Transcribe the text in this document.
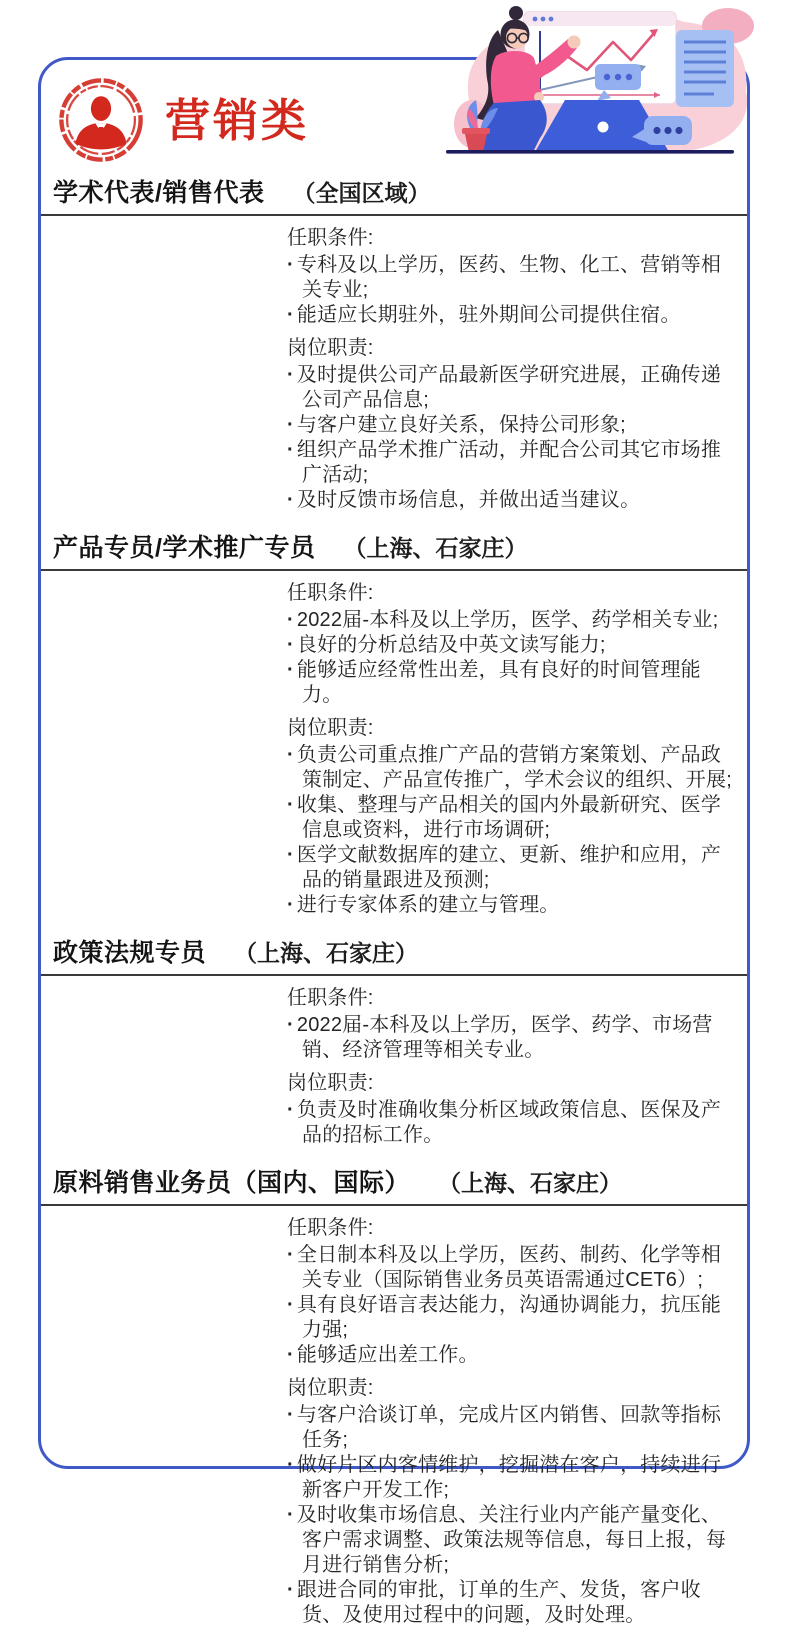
营销类
学术代表/销售代表 （全国区域）
任职条件:
· 专科及以上学历，医药、生物、化工、营销等相关专业;
· 能适应长期驻外，驻外期间公司提供住宿。
岗位职责:
· 及时提供公司产品最新医学研究进展，正确传递公司产品信息;
· 与客户建立良好关系，保持公司形象;
· 组织产品学术推广活动，并配合公司其它市场推广活动;
· 及时反馈市场信息，并做出适当建议。
产品专员/学术推广专员 （上海、石家庄）
任职条件:
· 2022届-本科及以上学历，医学、药学相关专业;
· 良好的分析总结及中英文读写能力;
· 能够适应经常性出差，具有良好的时间管理能力。
岗位职责:
· 负责公司重点推广产品的营销方案策划、产品政策制定、产品宣传推广，学术会议的组织、开展;
· 收集、整理与产品相关的国内外最新研究、医学信息或资料，进行市场调研;
· 医学文献数据库的建立、更新、维护和应用，产品的销量跟进及预测;
· 进行专家体系的建立与管理。
政策法规专员 （上海、石家庄）
任职条件:
· 2022届-本科及以上学历，医学、药学、市场营销、经济管理等相关专业。
岗位职责:
· 负责及时准确收集分析区域政策信息、医保及产品的招标工作。
原料销售业务员（国内、国际） （上海、石家庄）
任职条件:
· 全日制本科及以上学历，医药、制药、化学等相关专业（国际销售业务员英语需通过CET6）;
· 具有良好语言表达能力，沟通协调能力，抗压能力强;
· 能够适应出差工作。
岗位职责:
· 与客户洽谈订单，完成片区内销售、回款等指标任务;
· 做好片区内客情维护，挖掘潜在客户，持续进行新客户开发工作;
· 及时收集市场信息、关注行业内产能产量变化、客户需求调整、政策法规等信息，每日上报，每月进行销售分析;
· 跟进合同的审批，订单的生产、发货，客户收货、及使用过程中的问题，及时处理。
